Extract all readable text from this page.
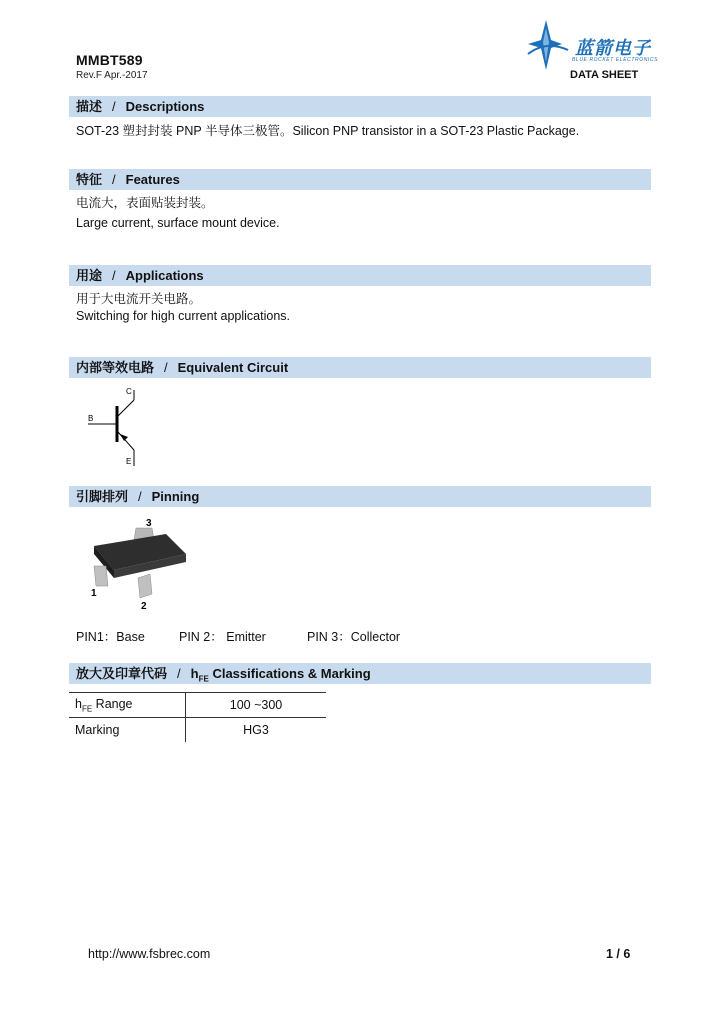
MMBT589
Rev.F Apr.-2017
蓝箭电子
BLUE ROCKET ELECTRONICS
DATA SHEET
描述 / Descriptions
SOT-23 塑封封装 PNP 半导体三极管。Silicon PNP transistor in a SOT-23 Plastic Package.
特征 / Features
电流大，表面贴装封装。
Large current, surface mount device.
用途 / Applications
用于大电流开关电路。
Switching for high current applications.
内部等效电路 / Equivalent Circuit
C
B
E
引脚排列 / Pinning
3
1
2
PIN1：Base	PIN 2： Emitter	PIN 3：Collector
放大及印章代码 / $h_{FE}$ Classifications & Marking
$h_{FE}$ Range	100 ~300
Marking	HG3
http://www.fsbrec.com	1 / 6
